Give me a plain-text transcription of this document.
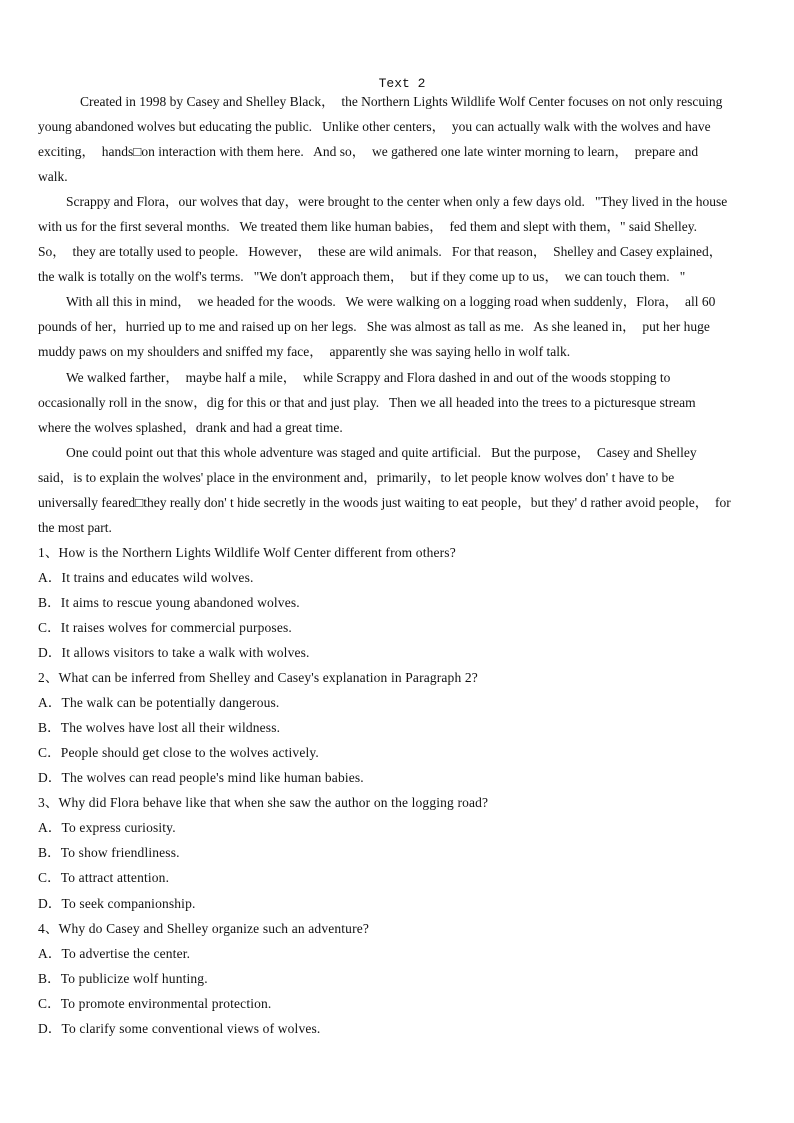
Text 2
Created in 1998 by Casey and Shelley Black，  the Northern Lights Wildlife Wolf Center focuses on not only rescuing
young abandoned wolves but educating the public.   Unlike other centers，  you can actually walk with the wolves and have
exciting，  hands□on interaction with them here.   And so，  we gathered one late winter morning to learn，  prepare and
walk.
Scrappy and Flora，our wolves that day，were brought to the center when only a few days old.   "They lived in the house
with us for the first several months.   We treated them like human babies，  fed them and slept with them，" said Shelley.
So，  they are totally used to people.   However，  these are wild animals.   For that reason，  Shelley and Casey explained，
the walk is totally on the wolf's terms.   "We don't approach them，  but if they come up to us，  we can touch them.   "
With all this in mind，  we headed for the woods.   We were walking on a logging road when suddenly，Flora，  all 60
pounds of her，hurried up to me and raised up on her legs.   She was almost as tall as me.   As she leaned in，  put her huge
muddy paws on my shoulders and sniffed my face，  apparently she was saying hello in wolf talk.
We walked farther，  maybe half a mile，  while Scrappy and Flora dashed in and out of the woods stopping to
occasionally roll in the snow，dig for this or that and just play.   Then we all headed into the trees to a picturesque stream
where the wolves splashed，drank and had a great time.
One could point out that this whole adventure was staged and quite artificial.   But the purpose，  Casey and Shelley
said，is to explain the wolves' place in the environment and，primarily，to let people know wolves don' t have to be
universally feared□they really don' t hide secretly in the woods just waiting to eat people，but they' d rather avoid people，  for
the most part.
1、How is the Northern Lights Wildlife Wolf Center different from others?
A．It trains and educates wild wolves.
B．It aims to rescue young abandoned wolves.
C．It raises wolves for commercial purposes.
D．It allows visitors to take a walk with wolves.
2、What can be inferred from Shelley and Casey's explanation in Paragraph 2?
A．The walk can be potentially dangerous.
B．The wolves have lost all their wildness.
C．People should get close to the wolves actively.
D．The wolves can read people's mind like human babies.
3、Why did Flora behave like that when she saw the author on the logging road?
A．To express curiosity.
B．To show friendliness.
C．To attract attention.
D．To seek companionship.
4、Why do Casey and Shelley organize such an adventure?
A．To advertise the center.
B．To publicize wolf hunting.
C．To promote environmental protection.
D．To clarify some conventional views of wolves.
